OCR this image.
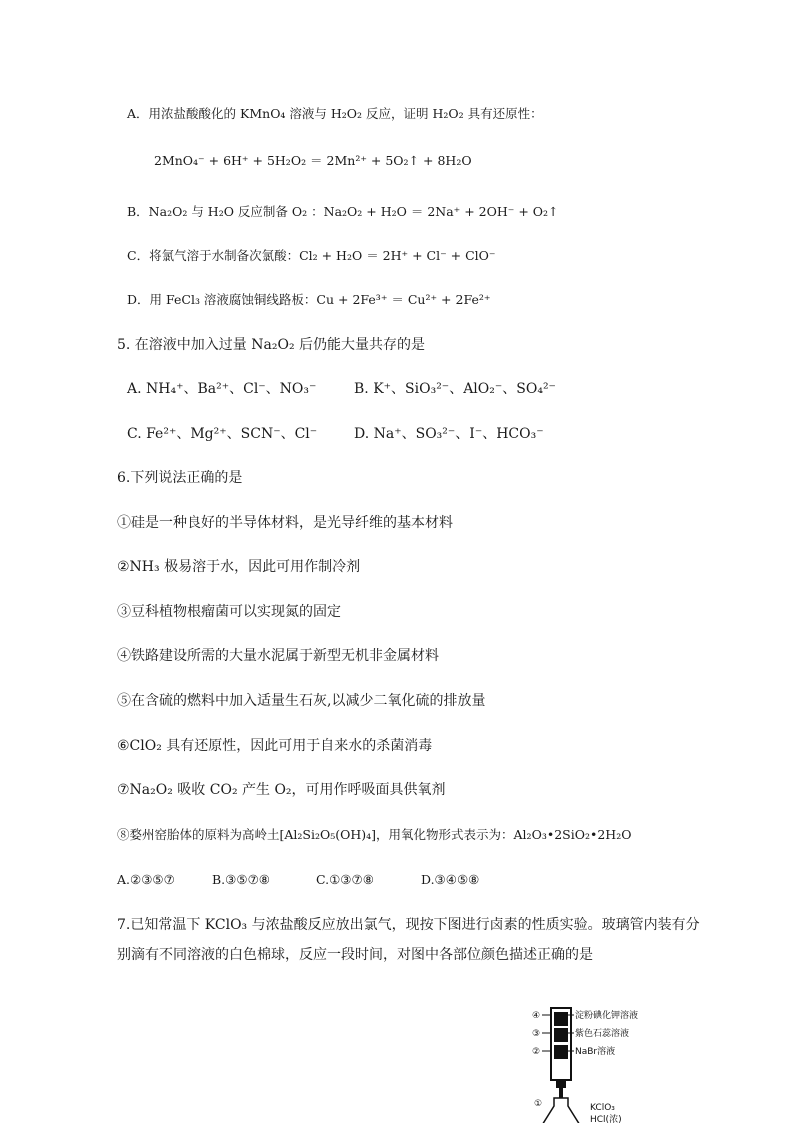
A．用浓盐酸酸化的 KMnO₄ 溶液与 H₂O₂ 反应，证明 H₂O₂ 具有还原性：
2MnO₄⁻ + 6H⁺ + 5H₂O₂ ＝ 2Mn²⁺ + 5O₂↑ + 8H₂O
B．Na₂O₂ 与 H₂O 反应制备 O₂ ：Na₂O₂ + H₂O ＝ 2Na⁺ + 2OH⁻ + O₂↑
C．将氯气溶于水制备次氯酸：Cl₂ + H₂O ＝ 2H⁺ + Cl⁻ + ClO⁻
D．用 FeCl₃ 溶液腐蚀铜线路板：Cu + 2Fe³⁺ ＝ Cu²⁺ + 2Fe²⁺
5. 在溶液中加入过量 Na₂O₂ 后仍能大量共存的是
A. NH₄⁺、Ba²⁺、Cl⁻、NO₃⁻	B. K⁺、SiO₃²⁻、AlO₂⁻、SO₄²⁻
C. Fe²⁺、Mg²⁺、SCN⁻、Cl⁻	D. Na⁺、SO₃²⁻、I⁻、HCO₃⁻
6.下列说法正确的是
①硅是一种良好的半导体材料，是光导纤维的基本材料
②NH₃ 极易溶于水，因此可用作制冷剂
③豆科植物根瘤菌可以实现氮的固定
④铁路建设所需的大量水泥属于新型无机非金属材料
⑤在含硫的燃料中加入适量生石灰,以减少二氧化硫的排放量
⑥ClO₂ 具有还原性，因此可用于自来水的杀菌消毒
⑦Na₂O₂ 吸收 CO₂ 产生 O₂，可用作呼吸面具供氧剂
⑧婺州窑胎体的原料为高岭土[Al₂Si₂O₅(OH)₄]，用氧化物形式表示为：Al₂O₃•2SiO₂•2H₂O
A.②③⑤⑦	B.③⑤⑦⑧	C.①③⑦⑧	D.③④⑤⑧
7.已知常温下 KClO₃ 与浓盐酸反应放出氯气，现按下图进行卤素的性质实验。玻璃管内装有分
别滴有不同溶液的白色棉球，反应一段时间，对图中各部位颜色描述正确的是
④
③
②
①
淀粉碘化钾溶液
紫色石蕊溶液
NaBr溶液
KClO₃
HCl(浓)
